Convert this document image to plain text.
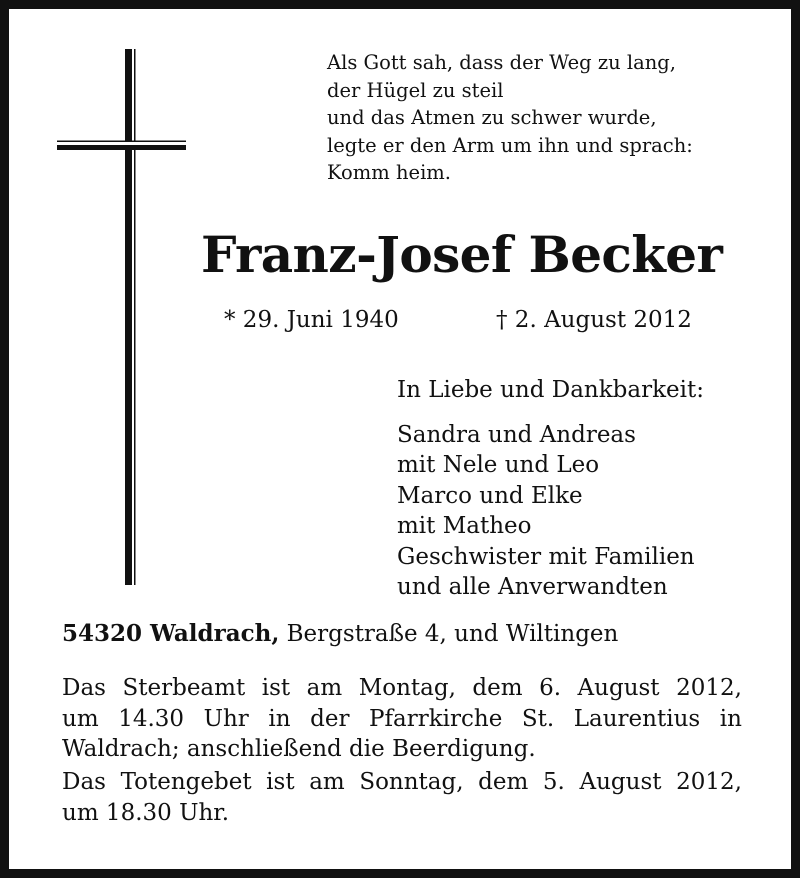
Als Gott sah, dass der Weg zu lang,
der Hügel zu steil
und das Atmen zu schwer wurde,
legte er den Arm um ihn und sprach:
Komm heim.
Franz-Josef Becker
* 29. Juni 1940	† 2. August 2012
In Liebe und Dankbarkeit:
Sandra und Andreas
mit Nele und Leo
Marco und Elke
mit Matheo
Geschwister mit Familien
und alle Anverwandten
54320 Waldrach, Bergstraße 4, und Wiltingen
Das Sterbeamt ist am Montag, dem 6. August 2012,
um 14.30 Uhr in der Pfarrkirche St. Laurentius in
Waldrach; anschließend die Beerdigung.
Das Totengebet ist am Sonntag, dem 5. August 2012,
um 18.30 Uhr.
